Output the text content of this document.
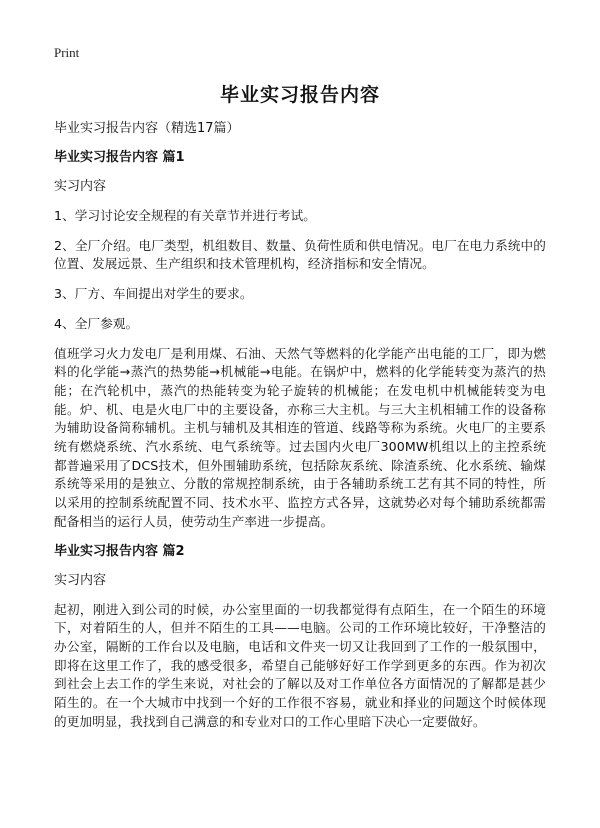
Print
毕业实习报告内容
毕业实习报告内容（精选17篇）
毕业实习报告内容 篇1
实习内容

1、学习讨论安全规程的有关章节并进行考试。

2、全厂介绍。电厂类型，机组数目、数量、负荷性质和供电情况。电厂在电力系统中的位置、发展远景、生产组织和技术管理机构，经济指标和安全情况。

3、厂方、车间提出对学生的要求。

4、全厂参观。

值班学习火力发电厂是利用煤、石油、天然气等燃料的化学能产出电能的工厂，即为燃料的化学能→蒸汽的热势能→机械能→电能。在锅炉中，燃料的化学能转变为蒸汽的热能；在汽轮机中，蒸汽的热能转变为轮子旋转的机械能；在发电机中机械能转变为电能。炉、机、电是火电厂中的主要设备，亦称三大主机。与三大主机相辅工作的设备称为辅助设备简称辅机。主机与辅机及其相连的管道、线路等称为系统。火电厂的主要系统有燃烧系统、汽水系统、电气系统等。过去国内火电厂300MW机组以上的主控系统都普遍采用了DCS技术，但外围辅助系统，包括除灰系统、除渣系统、化水系统、输煤系统等采用的是独立、分散的常规控制系统，由于各辅助系统工艺有其不同的特性，所以采用的控制系统配置不同、技术水平、监控方式各异，这就势必对每个辅助系统都需配备相当的运行人员，使劳动生产率进一步提高。

毕业实习报告内容 篇2
实习内容

起初，刚进入到公司的时候，办公室里面的一切我都觉得有点陌生，在一个陌生的环境下，对着陌生的人，但并不陌生的工具——电脑。公司的工作环境比较好，干净整洁的办公室，隔断的工作台以及电脑，电话和文件夹一切又让我回到了工作的一般氛围中，即将在这里工作了，我的感受很多，希望自己能够好好工作学到更多的东西。作为初次到社会上去工作的学生来说，对社会的了解以及对工作单位各方面情况的了解都是甚少陌生的。在一个大城市中找到一个好的工作很不容易，就业和择业的问题这个时候体现的更加明显，我找到自己满意的和专业对口的工作心里暗下决心一定要做好。
